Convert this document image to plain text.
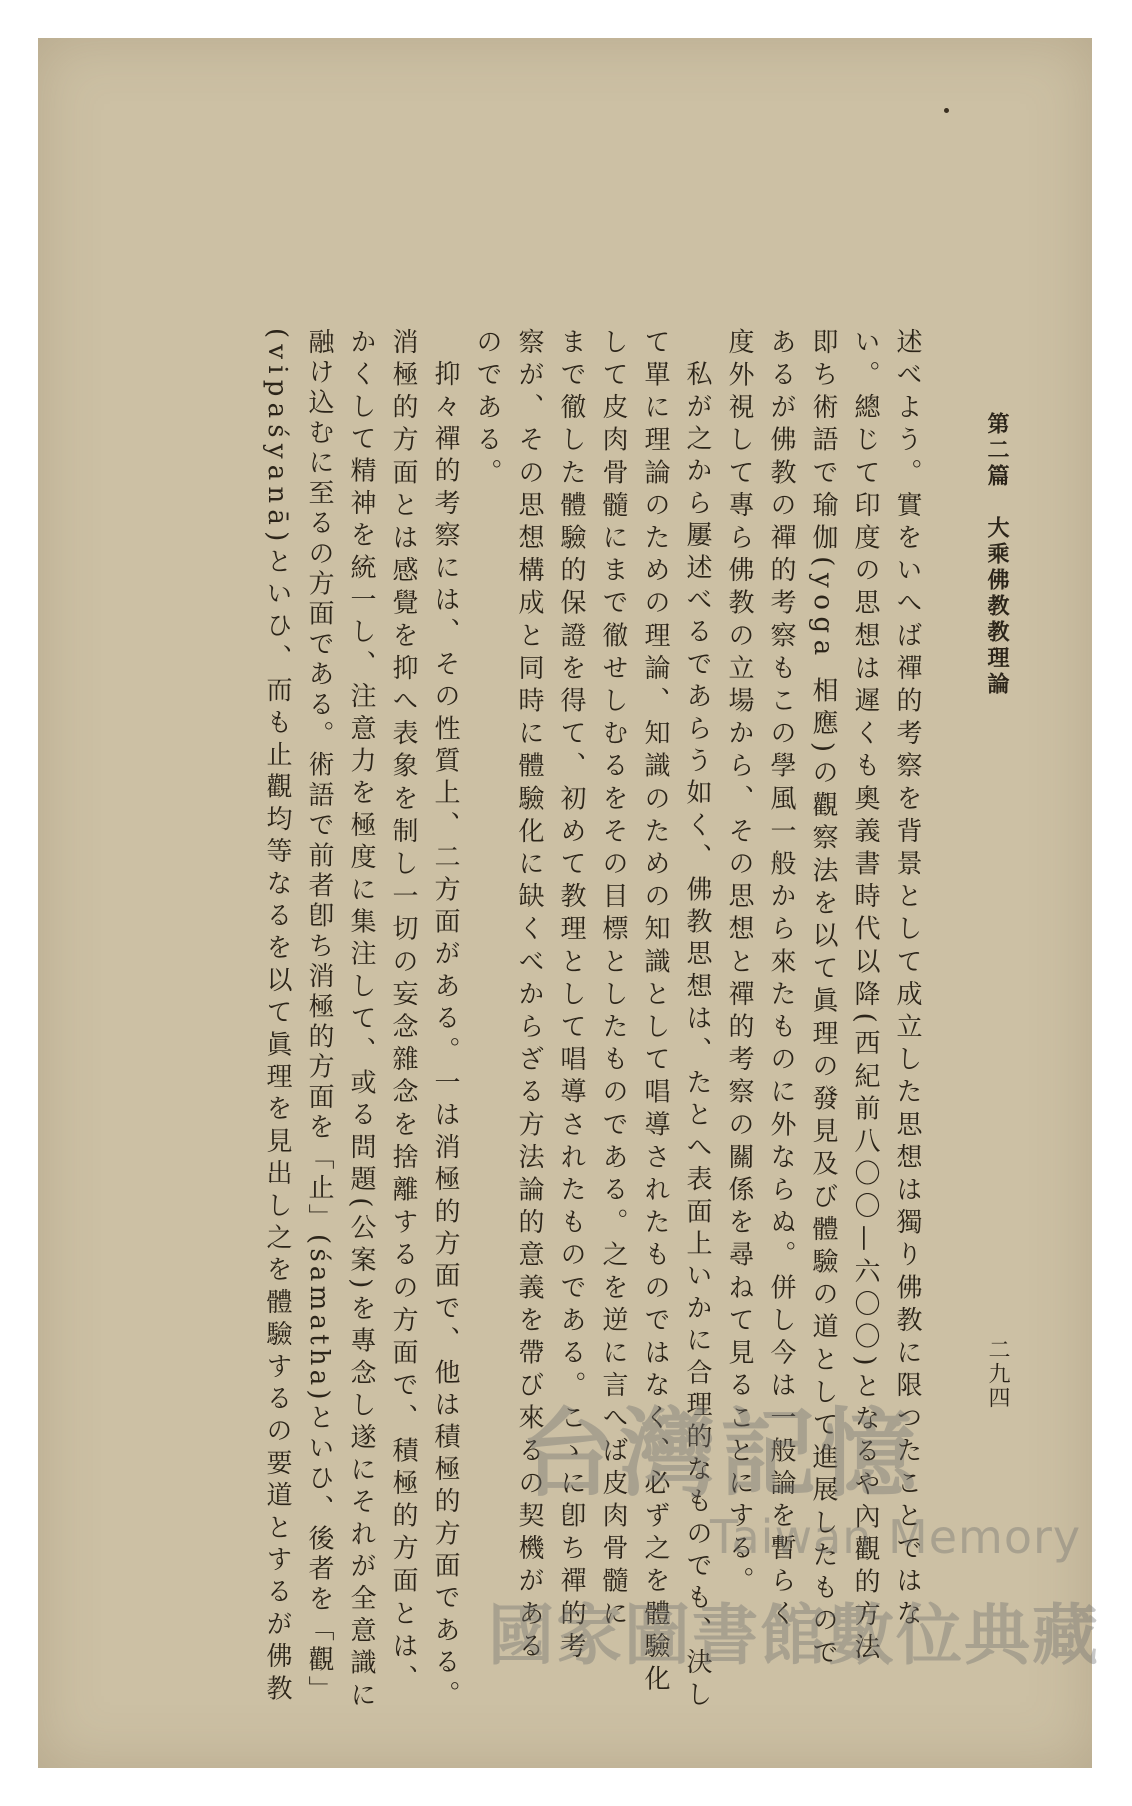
第二篇　大乘佛教教理論
二九四
述べよう。實をいへば禪的考察を背景として成立した思想は獨り佛教に限つたことではな
い。總じて印度の思想は遲くも奧義書時代以降(西紀前八〇〇—六〇〇)となるや內觀的方法
即ち術語で瑜伽(yoga 相應)の觀察法を以て眞理の發見及び體驗の道として進展したもので
あるが佛教の禪的考察もこの學風一般から來たものに外ならぬ。併し今は一般論を暫らく
度外視して專ら佛教の立場から、その思想と禪的考察の關係を尋ねて見ることにする。
　私が之から屢述べるであらう如く、佛教思想は、たとへ表面上いかに合理的なものでも、決し
て單に理論のための理論、知識のための知識として唱導されたものではなく、必ず之を體驗化
して皮肉骨髓にまで徹せしむるをその目標としたものである。之を逆に言へば皮肉骨髓に
まで徹した體驗的保證を得て、初めて教理として唱導されたものである。こゝに卽ち禪的考
察が、その思想構成と同時に體驗化に缺くべからざる方法論的意義を帶び來るの契機がある
のである。
　抑々禪的考察には、その性質上、二方面がある。一は消極的方面で、他は積極的方面である。
消極的方面とは感覺を抑へ表象を制し一切の妄念雜念を捨離するの方面で、積極的方面とは、
かくして精神を統一し、注意力を極度に集注して、或る問題(公案)を專念し遂にそれが全意識に
融け込むに至るの方面である。術語で前者卽ち消極的方面を「止」(śamatha)といひ、後者を「觀」
(vipaśyanā)といひ、而も止觀均等なるを以て眞理を見出し之を體驗するの要道とするが佛教 台灣記憶
Taiwan Memory
國家圖書館數位典藏
